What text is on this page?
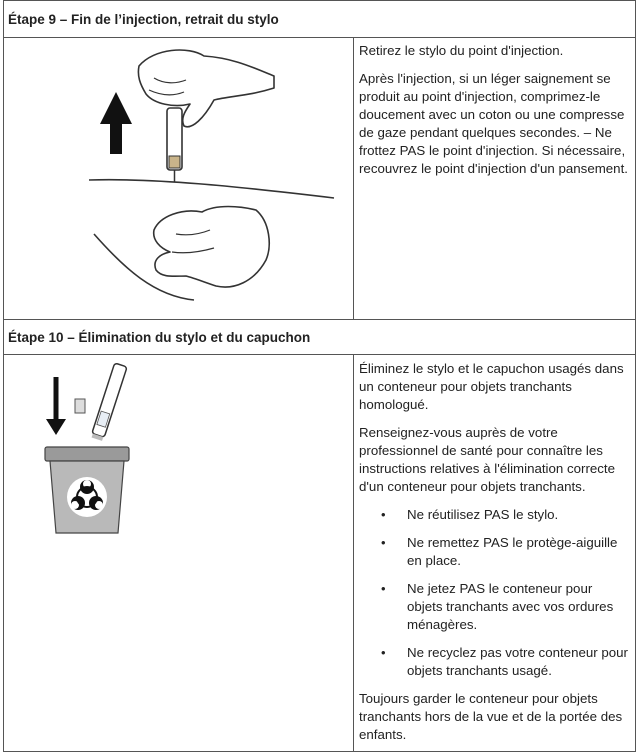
Étape 9 – Fin de l’injection, retrait du stylo

Retirez le stylo du point d'injection.

Après l'injection, si un léger saignement se produit au point d'injection, comprimez-le doucement avec un coton ou une compresse de gaze pendant quelques secondes. – Ne frottez PAS le point d'injection. Si nécessaire, recouvrez le point d'injection d'un pansement.

Étape 10 – Élimination du stylo et du capuchon

Éliminez le stylo et le capuchon usagés dans un conteneur pour objets tranchants homologué.

Renseignez-vous auprès de votre professionnel de santé pour connaître les instructions relatives à l'élimination correcte d'un conteneur pour objets tranchants.

• Ne réutilisez PAS le stylo.
• Ne remettez PAS le protège-aiguille en place.
• Ne jetez PAS le conteneur pour objets tranchants avec vos ordures ménagères.
• Ne recyclez pas votre conteneur pour objets tranchants usagé.

Toujours garder le conteneur pour objets tranchants hors de la vue et de la portée des enfants.
